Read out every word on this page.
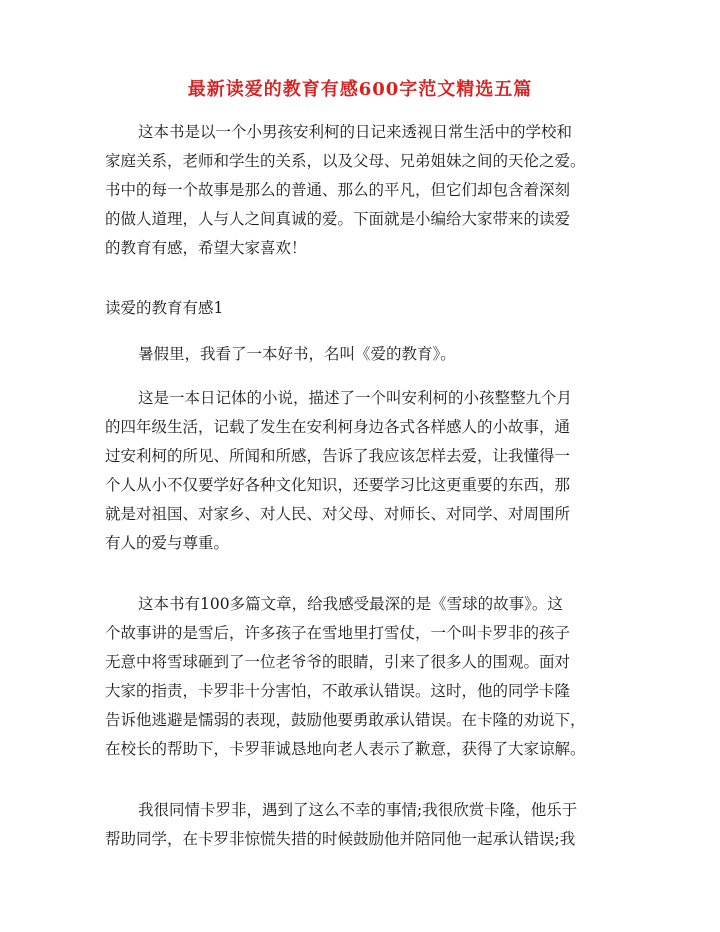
最新读爱的教育有感600字范文精选五篇
这本书是以一个小男孩安利柯的日记来透视日常生活中的学校和
家庭关系，老师和学生的关系，以及父母、兄弟姐妹之间的天伦之爱。
书中的每一个故事是那么的普通、那么的平凡，但它们却包含着深刻
的做人道理，人与人之间真诚的爱。下面就是小编给大家带来的读爱
的教育有感，希望大家喜欢！
读爱的教育有感1
暑假里，我看了一本好书，名叫《爱的教育》。
这是一本日记体的小说，描述了一个叫安利柯的小孩整整九个月
的四年级生活，记载了发生在安利柯身边各式各样感人的小故事，通
过安利柯的所见、所闻和所感，告诉了我应该怎样去爱，让我懂得一
个人从小不仅要学好各种文化知识，还要学习比这更重要的东西，那
就是对祖国、对家乡、对人民、对父母、对师长、对同学、对周围所
有人的爱与尊重。
这本书有100多篇文章，给我感受最深的是《雪球的故事》。这
个故事讲的是雪后，许多孩子在雪地里打雪仗，一个叫卡罗非的孩子
无意中将雪球砸到了一位老爷爷的眼睛，引来了很多人的围观。面对
大家的指责，卡罗非十分害怕，不敢承认错误。这时，他的同学卡隆
告诉他逃避是懦弱的表现，鼓励他要勇敢承认错误。在卡隆的劝说下，
在校长的帮助下，卡罗菲诚恳地向老人表示了歉意，获得了大家谅解。
我很同情卡罗非，遇到了这么不幸的事情;我很欣赏卡隆，他乐于
帮助同学，在卡罗非惊慌失措的时候鼓励他并陪同他一起承认错误;我
